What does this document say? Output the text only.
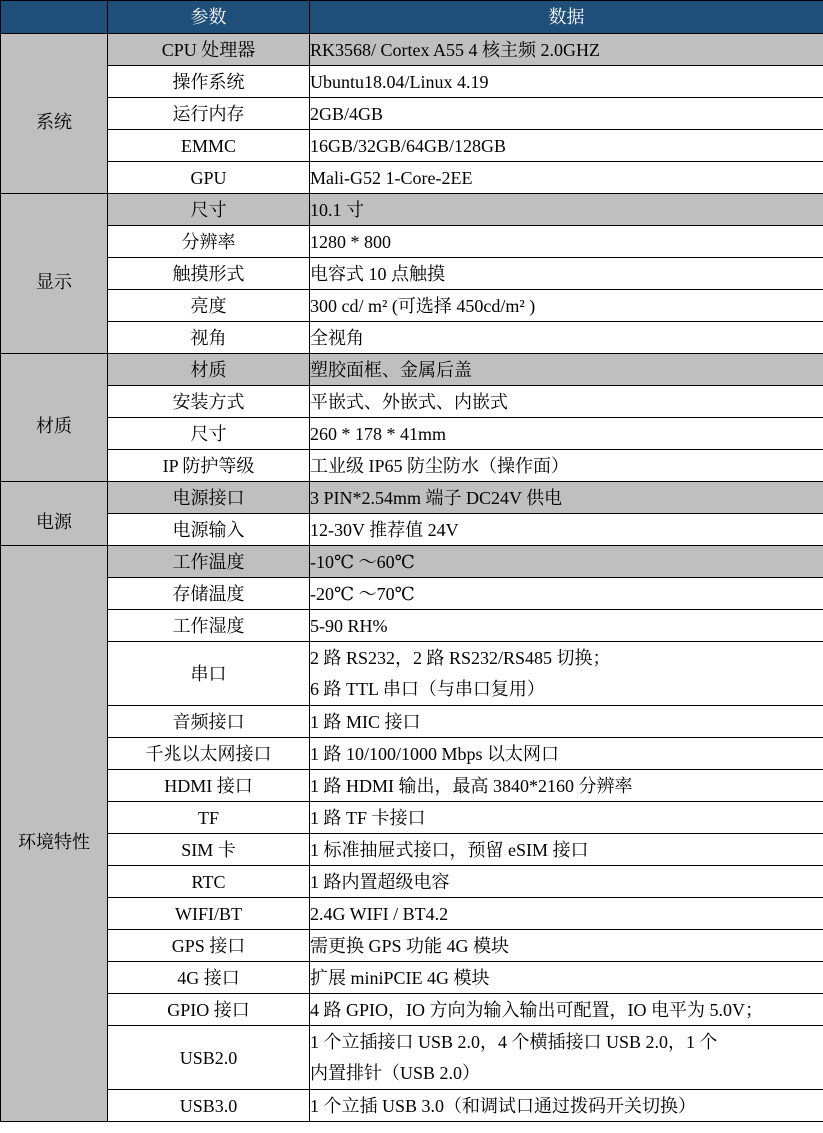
	参数	数据
系统	CPU 处理器	RK3568/ Cortex A55 4 核主频 2.0GHZ
	操作系统	Ubuntu18.04/Linux 4.19
	运行内存	2GB/4GB
	EMMC	16GB/32GB/64GB/128GB
	GPU	Mali-G52 1-Core-2EE
显示	尺寸	10.1 寸
	分辨率	1280 * 800
	触摸形式	电容式 10 点触摸
	亮度	300 cd/ m² (可选择 450cd/m² )
	视角	全视角
材质	材质	塑胶面框、金属后盖
	安装方式	平嵌式、外嵌式、内嵌式
	尺寸	260 * 178 * 41mm
	IP 防护等级	工业级 IP65 防尘防水（操作面）
电源	电源接口	3 PIN*2.54mm 端子 DC24V 供电
	电源输入	12-30V 推荐值 24V
环境特性	工作温度	-10℃ ～60℃
	存储温度	-20℃ ～70℃
	工作湿度	5-90 RH%
	串口	2 路 RS232，2 路 RS232/RS485 切换；
6 路 TTL 串口（与串口复用）

	音频接口	1 路 MIC 接口
	千兆以太网接口	1 路 10/100/1000 Mbps 以太网口
	HDMI 接口	1 路 HDMI 输出，最高 3840*2160 分辨率
	TF	1 路 TF 卡接口
	SIM 卡	1 标准抽屉式接口，预留 eSIM 接口
	RTC	1 路内置超级电容
	WIFI/BT	2.4G WIFI / BT4.2
	GPS 接口	需更换 GPS 功能 4G 模块
	4G 接口	扩展 miniPCIE 4G 模块
	GPIO 接口	4 路 GPIO，IO 方向为输入输出可配置，IO 电平为 5.0V；
	USB2.0	1 个立插接口 USB 2.0，4 个横插接口 USB 2.0，1 个
内置排针（USB 2.0）

	USB3.0	1 个立插 USB 3.0（和调试口通过拨码开关切换）
